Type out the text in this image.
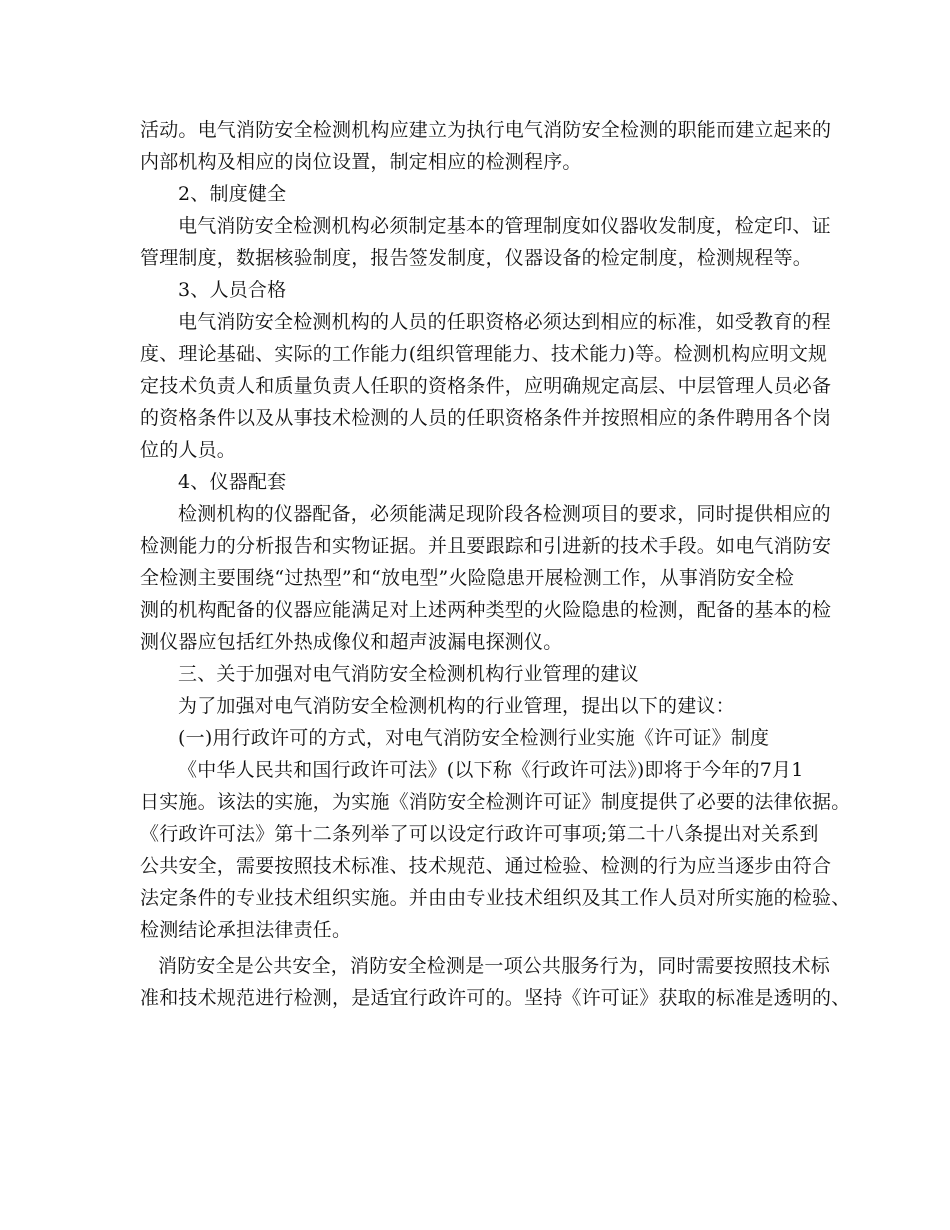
活动。电气消防安全检测机构应建立为执行电气消防安全检测的职能而建立起来的
内部机构及相应的岗位设置，制定相应的检测程序。
2、制度健全
电气消防安全检测机构必须制定基本的管理制度如仪器收发制度，检定印、证
管理制度，数据核验制度，报告签发制度，仪器设备的检定制度，检测规程等。
3、人员合格
电气消防安全检测机构的人员的任职资格必须达到相应的标准，如受教育的程
度、理论基础、实际的工作能力(组织管理能力、技术能力)等。检测机构应明文规
定技术负责人和质量负责人任职的资格条件，应明确规定高层、中层管理人员必备
的资格条件以及从事技术检测的人员的任职资格条件并按照相应的条件聘用各个岗
位的人员。
4、仪器配套
检测机构的仪器配备，必须能满足现阶段各检测项目的要求，同时提供相应的
检测能力的分析报告和实物证据。并且要跟踪和引进新的技术手段。如电气消防安
全检测主要围绕“过热型”和“放电型”火险隐患开展检测工作，从事消防安全检
测的机构配备的仪器应能满足对上述两种类型的火险隐患的检测，配备的基本的检
测仪器应包括红外热成像仪和超声波漏电探测仪。
三、关于加强对电气消防安全检测机构行业管理的建议
为了加强对电气消防安全检测机构的行业管理，提出以下的建议：
(一)用行政许可的方式，对电气消防安全检测行业实施《许可证》制度
《中华人民共和国行政许可法》(以下称《行政许可法》)即将于今年的7月1
日实施。该法的实施，为实施《消防安全检测许可证》制度提供了必要的法律依据。
《行政许可法》第十二条列举了可以设定行政许可事项;第二十八条提出对关系到
公共安全，需要按照技术标准、技术规范、通过检验、检测的行为应当逐步由符合
法定条件的专业技术组织实施。并由由专业技术组织及其工作人员对所实施的检验、
检测结论承担法律责任。
消防安全是公共安全，消防安全检测是一项公共服务行为，同时需要按照技术标
准和技术规范进行检测，是适宜行政许可的。坚持《许可证》获取的标准是透明的、
